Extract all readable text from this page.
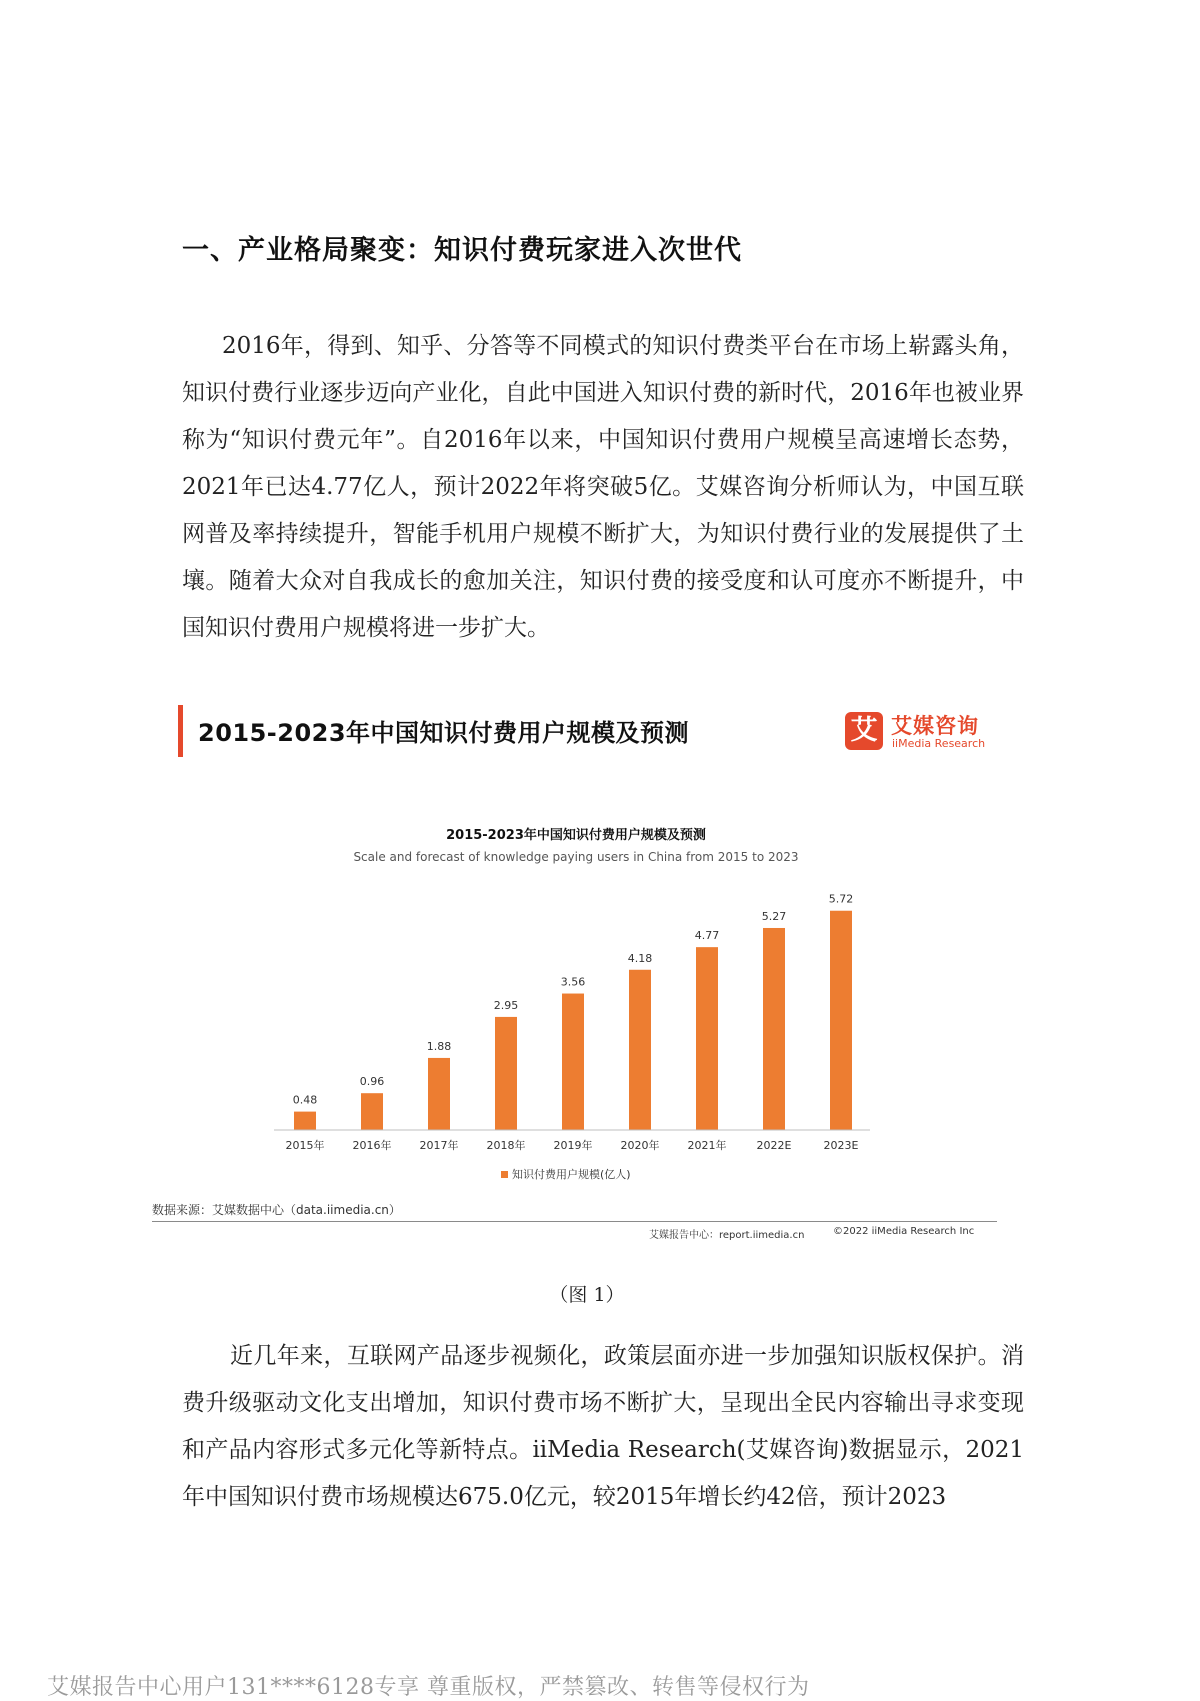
一、产业格局聚变：知识付费玩家进入次世代

2016年，得到、知乎、分答等不同模式的知识付费类平台在市场上崭露头角，知识付费行业逐步迈向产业化，自此中国进入知识付费的新时代，2016年也被业界称为“知识付费元年”。自2016年以来，中国知识付费用户规模呈高速增长态势，2021年已达4.77亿人，预计2022年将突破5亿。艾媒咨询分析师认为，中国互联网普及率持续提升，智能手机用户规模不断扩大，为知识付费行业的发展提供了土壤。随着大众对自我成长的愈加关注，知识付费的接受度和认可度亦不断提升，中国知识付费用户规模将进一步扩大。

2015-2023年中国知识付费用户规模及预测	艾 艾媒咨询
iiMedia Research
2015-2023年中国知识付费用户规模及预测
Scale and forecast of knowledge paying users in China from 2015 to 2023
0.48
0.96
1.88
2.95
3.56
4.18
4.77
5.27
5.72
2015年	2016年	2017年	2018年	2019年	2020年	2021年	2022E	2023E
知识付费用户规模(亿人)
数据来源：艾媒数据中心（data.iimedia.cn）
艾媒报告中心：report.iimedia.cn	©2022 iiMedia Research Inc
（图 1）

近几年来，互联网产品逐步视频化，政策层面亦进一步加强知识版权保护。消费升级驱动文化支出增加，知识付费市场不断扩大，呈现出全民内容输出寻求变现和产品内容形式多元化等新特点。iiMedia Research(艾媒咨询)数据显示，2021年中国知识付费市场规模达675.0亿元，较2015年增长约42倍，预计2023

艾媒报告中心用户131****6128专享 尊重版权，严禁篡改、转售等侵权行为
